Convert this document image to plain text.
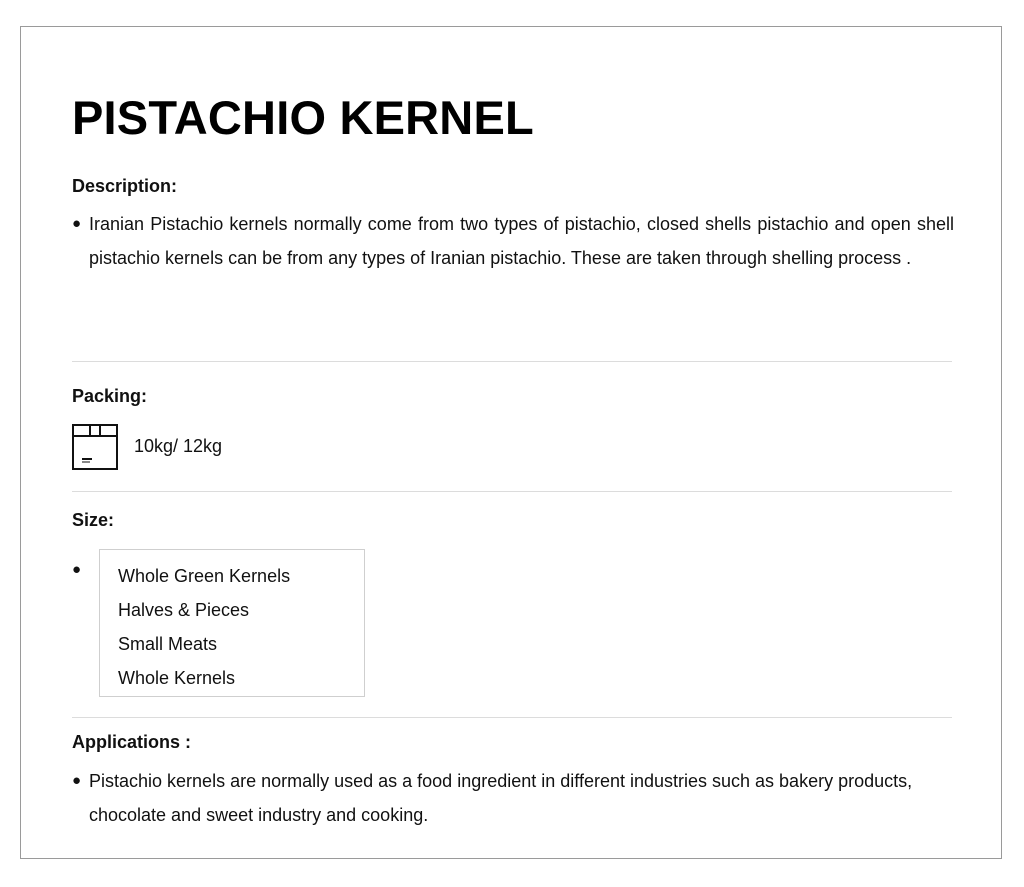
PISTACHIO KERNEL
Description:
● Iranian Pistachio kernels normally come from two types of pistachio, closed shells pistachio and open shell pistachio kernels can be from any types of Iranian pistachio. These are taken through shelling process .
Packing:
10kg/ 12kg
Size:
● Whole Green Kernels
Halves & Pieces
Small Meats
Whole Kernels
Applications :
● Pistachio kernels are normally used as a food ingredient in different industries such as bakery products, chocolate and sweet industry and cooking.
